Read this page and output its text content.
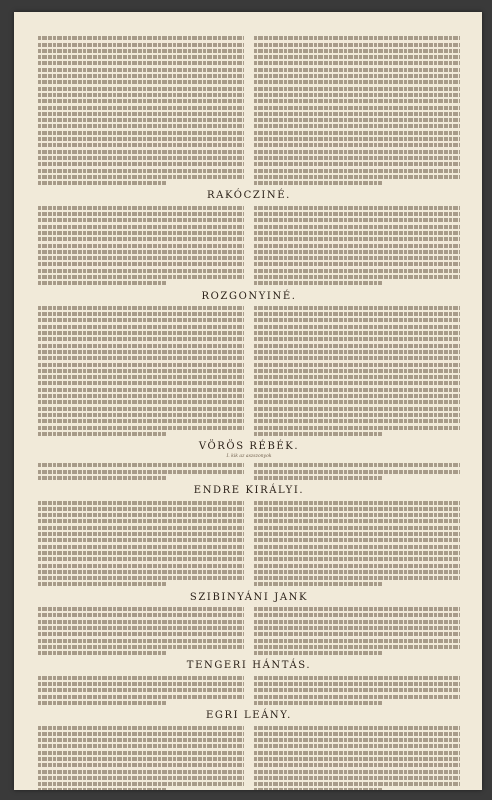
RAKÓCZINÉ.
ROZGONYINÉ.
VÖRÖS RÉBÉK.
I. kik az aszszonyok
ENDRE KIRÁLYI.
SZIBINYÁNI JANK
TENGERI HÁNTÁS.
EGRI LEÁNY.
